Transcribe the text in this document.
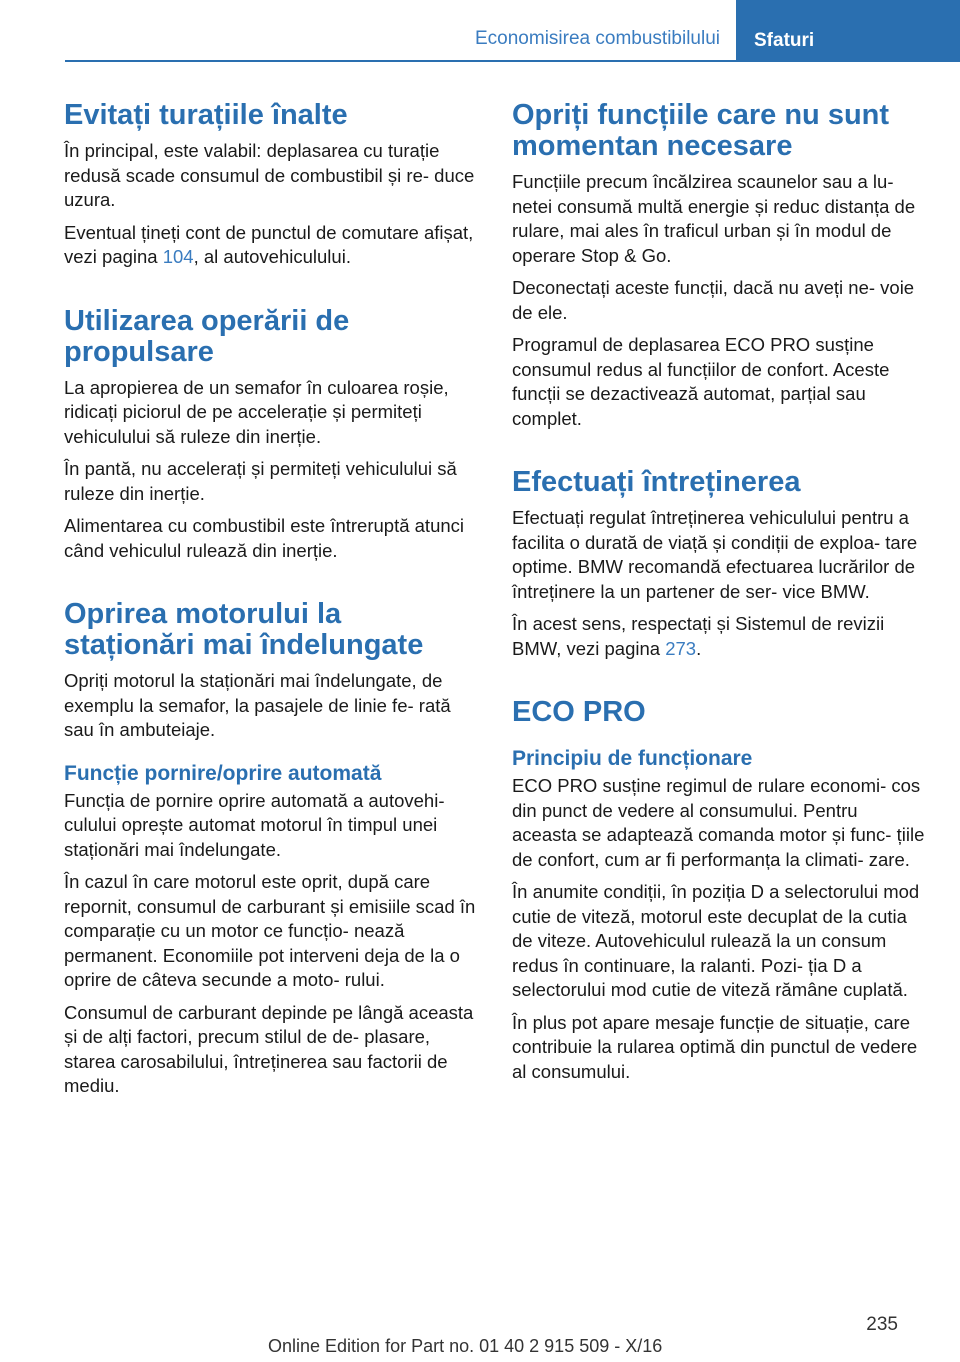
Economisirea combustibilului Sfaturi
Evitați turațiile înalte

În principal, este valabil: deplasarea cu turație redusă scade consumul de combustibil și re‐ duce uzura.

Eventual țineți cont de punctul de comutare afișat, vezi pagina 104, al autovehiculului.

Utilizarea operării de propulsare

La apropierea de un semafor în culoarea roșie, ridicați piciorul de pe accelerație și permiteți vehiculului să ruleze din inerție.

În pantă, nu accelerați și permiteți vehiculului să ruleze din inerție.

Alimentarea cu combustibil este întreruptă atunci când vehiculul rulează din inerție.

Oprirea motorului la staționări mai îndelungate

Opriți motorul la staționări mai îndelungate, de exemplu la semafor, la pasajele de linie fe‐ rată sau în ambuteiaje.

Funcție pornire/oprire automată

Funcția de pornire oprire automată a autovehi‐ culului oprește automat motorul în timpul unei staționări mai îndelungate.

În cazul în care motorul este oprit, după care repornit, consumul de carburant și emisiile scad în comparație cu un motor ce funcțio‐ nează permanent. Economiile pot interveni deja de la o oprire de câteva secunde a moto‐ rului.

Consumul de carburant depinde pe lângă aceasta și de alți factori, precum stilul de de‐ plasare, starea carosabilului, întreținerea sau factorii de mediu.

Opriți funcțiile care nu sunt momentan necesare

Funcțiile precum încălzirea scaunelor sau a lu‐ netei consumă multă energie și reduc distanța de rulare, mai ales în traficul urban și în modul de operare Stop & Go.

Deconectați aceste funcții, dacă nu aveți ne‐ voie de ele.

Programul de deplasarea ECO PRO susține consumul redus al funcțiilor de confort. Aceste funcții se dezactivează automat, parțial sau complet.

Efectuați întreținerea

Efectuați regulat întreținerea vehiculului pentru a facilita o durată de viață și condiții de exploa‐ tare optime. BMW recomandă efectuarea lucrărilor de întreținere la un partener de ser‐ vice BMW.

În acest sens, respectați și Sistemul de revizii BMW, vezi pagina 273.

ECO PRO
Principiu de funcționare

ECO PRO susține regimul de rulare economi‐ cos din punct de vedere al consumului. Pentru aceasta se adaptează comanda motor și func‐ țiile de confort, cum ar fi performanța la climati‐ zare.

În anumite condiții, în poziția D a selectorului mod cutie de viteză, motorul este decuplat de la cutia de viteze. Autovehiculul rulează la un consum redus în continuare, la ralanti. Pozi‐ ția D a selectorului mod cutie de viteză rămâne cuplată.

În plus pot apare mesaje funcție de situație, care contribuie la rularea optimă din punctul de vedere al consumului.

235
Online Edition for Part no. 01 40 2 915 509 - X/16
